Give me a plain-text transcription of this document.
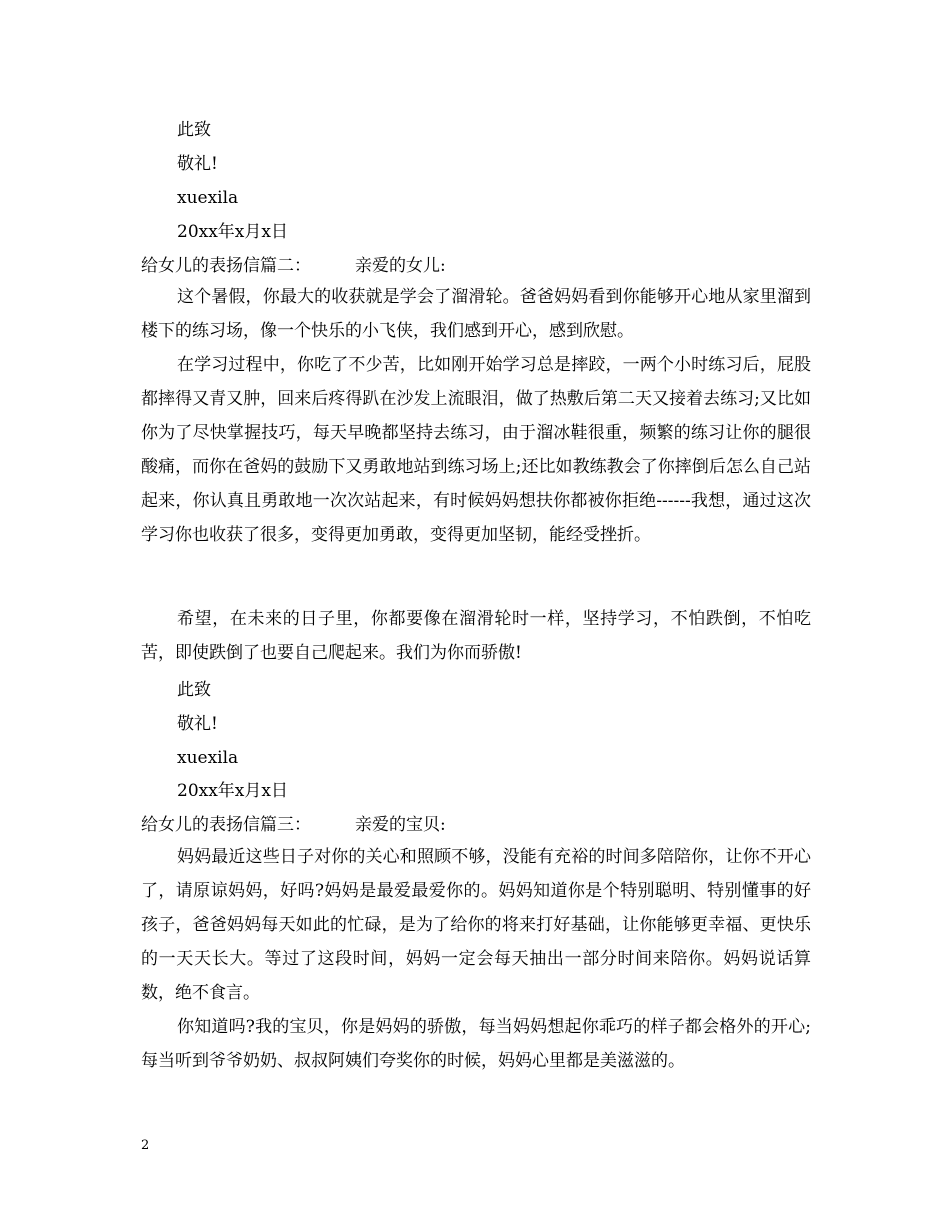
此致
敬礼!
xuexila
20xx年x月x日
给女儿的表扬信篇二：	亲爱的女儿:

这个暑假，你最大的收获就是学会了溜滑轮。爸爸妈妈看到你能够开心地从家里溜到楼下的练习场，像一个快乐的小飞侠，我们感到开心，感到欣慰。

在学习过程中，你吃了不少苦，比如刚开始学习总是摔跤，一两个小时练习后，屁股都摔得又青又肿，回来后疼得趴在沙发上流眼泪，做了热敷后第二天又接着去练习;又比如你为了尽快掌握技巧，每天早晚都坚持去练习，由于溜冰鞋很重，频繁的练习让你的腿很酸痛，而你在爸妈的鼓励下又勇敢地站到练习场上;还比如教练教会了你摔倒后怎么自己站起来，你认真且勇敢地一次次站起来，有时候妈妈想扶你都被你拒绝------我想，通过这次学习你也收获了很多，变得更加勇敢，变得更加坚韧，能经受挫折。

希望，在未来的日子里，你都要像在溜滑轮时一样，坚持学习，不怕跌倒，不怕吃苦，即使跌倒了也要自己爬起来。我们为你而骄傲!

此致
敬礼!
xuexila
20xx年x月x日
给女儿的表扬信篇三：	亲爱的宝贝:

妈妈最近这些日子对你的关心和照顾不够，没能有充裕的时间多陪陪你，让你不开心了，请原谅妈妈，好吗?妈妈是最爱最爱你的。妈妈知道你是个特别聪明、特别懂事的好孩子，爸爸妈妈每天如此的忙碌，是为了给你的将来打好基础，让你能够更幸福、更快乐的一天天长大。等过了这段时间，妈妈一定会每天抽出一部分时间来陪你。妈妈说话算数，绝不食言。

你知道吗?我的宝贝，你是妈妈的骄傲，每当妈妈想起你乖巧的样子都会格外的开心;每当听到爷爷奶奶、叔叔阿姨们夸奖你的时候，妈妈心里都是美滋滋的。

2
